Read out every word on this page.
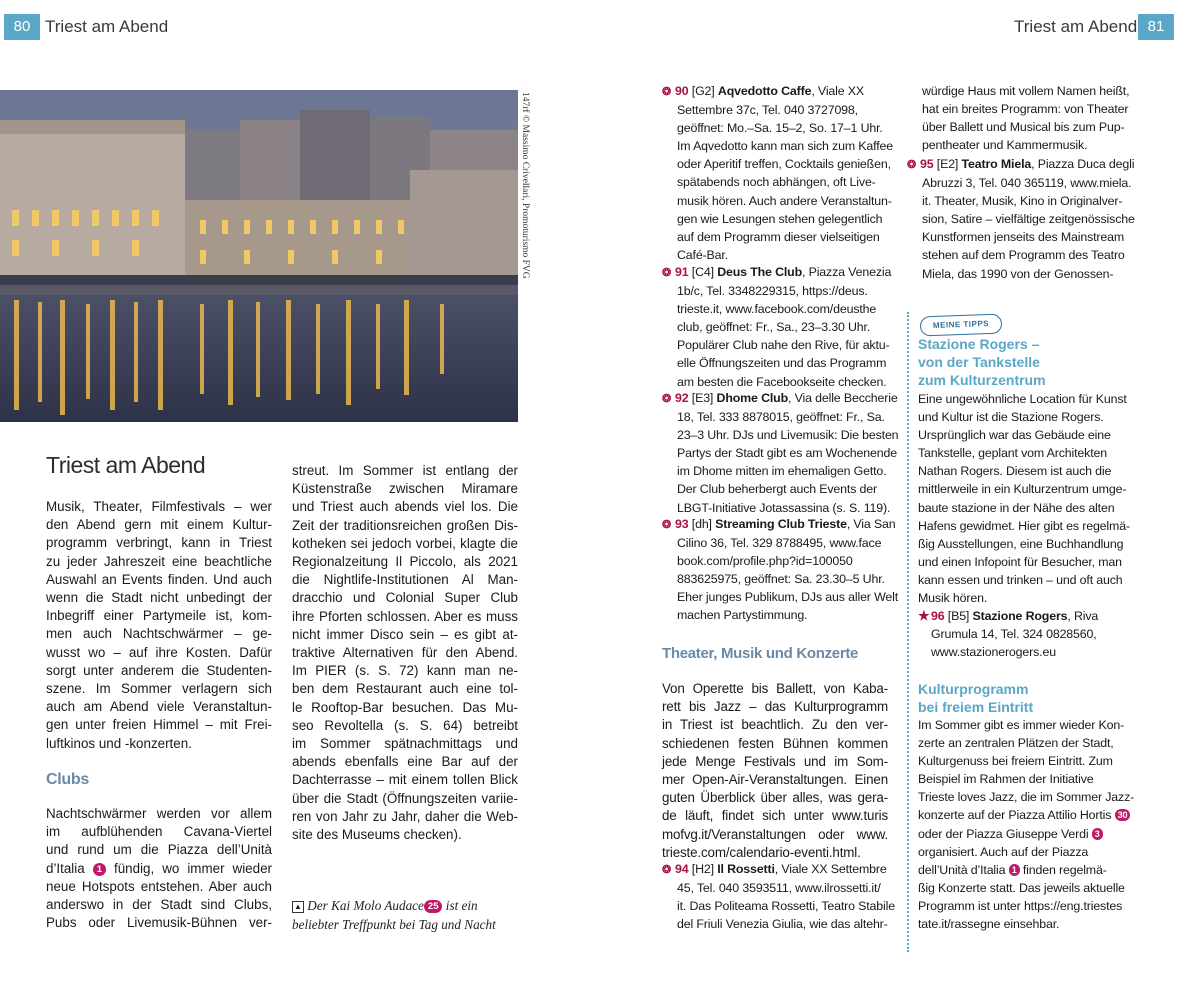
80 Triest am Abend	Triest am Abend 81
147rf © Massimo Crivellari, Promoturismo FVG
Triest am Abend
Musik, Theater, Filmfestivals – wer
den Abend gern mit einem Kultur-
programm verbringt, kann in Triest
zu jeder Jahreszeit eine beachtliche
Auswahl an Events finden. Und auch
wenn die Stadt nicht unbedingt der
Inbegriff einer Partymeile ist, kom-
men auch Nachtschwärmer – ge-
wusst wo – auf ihre Kosten. Dafür
sorgt unter anderem die Studenten-
szene. Im Sommer verlagern sich
auch am Abend viele Veranstaltun-
gen unter freien Himmel – mit Frei-
luftkinos und -konzerten.
Clubs
Nachtschwärmer werden vor allem
im aufblühenden Cavana-Viertel
und rund um die Piazza dell’Unità
d’Italia 1 fündig, wo immer wieder
neue Hotspots entstehen. Aber auch
anderswo in der Stadt sind Clubs,
Pubs oder Livemusik-Bühnen ver-
streut. Im Sommer ist entlang der
Küstenstraße zwischen Miramare
und Triest auch abends viel los. Die
Zeit der traditionsreichen großen Dis-
kotheken sei jedoch vorbei, klagte die
Regionalzeitung Il Piccolo, als 2021
die Nightlife-Institutionen Al Man-
dracchio und Colonial Super Club
ihre Pforten schlossen. Aber es muss
nicht immer Disco sein – es gibt at-
traktive Alternativen für den Abend.
Im PIER (s. S. 72) kann man ne-
ben dem Restaurant auch eine tol-
le Rooftop-Bar besuchen. Das Mu-
seo Revoltella (s. S. 64) betreibt
im Sommer spätnachmittags und
abends ebenfalls eine Bar auf der
Dachterrasse – mit einem tollen Blick
über die Stadt (Öffnungszeiten variie-
ren von Jahr zu Jahr, daher die Web-
site des Museums checken).
▲ Der Kai Molo Audace 25 ist ein
beliebter Treffpunkt bei Tag und Nacht
❂ 90 [G2] Aqvedotto Caffe, Viale XX
Settembre 37c, Tel. 040 3727098,
geöffnet: Mo.–Sa. 15–2, So. 17–1 Uhr.
Im Aqvedotto kann man sich zum Kaffee
oder Aperitif treffen, Cocktails genießen,
spätabends noch abhängen, oft Live-
musik hören. Auch andere Veranstaltun-
gen wie Lesungen stehen gelegentlich
auf dem Programm dieser vielseitigen
Café-Bar.
❂ 91 [C4] Deus The Club, Piazza Venezia
1b/c, Tel. 3348229315, https://deus.
trieste.it, www.facebook.com/deusthe
club, geöffnet: Fr., Sa., 23–3.30 Uhr.
Populärer Club nahe den Rive, für aktu-
elle Öffnungszeiten und das Programm
am besten die Facebookseite checken.
❂ 92 [E3] Dhome Club, Via delle Beccherie
18, Tel. 333 8878015, geöffnet: Fr., Sa.
23–3 Uhr. DJs und Livemusik: Die besten
Partys der Stadt gibt es am Wochenende
im Dhome mitten im ehemaligen Getto.
Der Club beherbergt auch Events der
LBGT-Initiative Jotassassina (s. S. 119).
❂ 93 [dh] Streaming Club Trieste, Via San
Cilino 36, Tel. 329 8788495, www.face
book.com/profile.php?id=100050
883625975, geöffnet: Sa. 23.30–5 Uhr.
Eher junges Publikum, DJs aus aller Welt
machen Partystimmung.
Theater, Musik und Konzerte
Von Operette bis Ballett, von Kaba-
rett bis Jazz – das Kulturprogramm
in Triest ist beachtlich. Zu den ver-
schiedenen festen Bühnen kommen
jede Menge Festivals und im Som-
mer Open-Air-Veranstaltungen. Einen
guten Überblick über alles, was gera-
de läuft, findet sich unter www.turis
mofvg.it/Veranstaltungen oder www.
trieste.com/calendario-eventi.html.
❂ 94 [H2] Il Rossetti, Viale XX Settembre
45, Tel. 040 3593511, www.ilrossetti.it/
it. Das Politeama Rossetti, Teatro Stabile
del Friuli Venezia Giulia, wie das altehr-
würdige Haus mit vollem Namen heißt,
hat ein breites Programm: von Theater
über Ballett und Musical bis zum Pup-
pentheater und Kammermusik.
❂ 95 [E2] Teatro Miela, Piazza Duca degli
Abruzzi 3, Tel. 040 365119, www.miela.
it. Theater, Musik, Kino in Originalver-
sion, Satire – vielfältige zeitgenössische
Kunstformen jenseits des Mainstream
stehen auf dem Programm des Teatro
Miela, das 1990 von der Genossen-
MEINE TIPPS
Stazione Rogers –
von der Tankstelle
zum Kulturzentrum
Eine ungewöhnliche Location für Kunst
und Kultur ist die Stazione Rogers.
Ursprünglich war das Gebäude eine
Tankstelle, geplant vom Architekten
Nathan Rogers. Diesem ist auch die
mittlerweile in ein Kulturzentrum umge-
baute stazione in der Nähe des alten
Hafens gewidmet. Hier gibt es regelmä-
ßig Ausstellungen, eine Buchhandlung
und einen Infopoint für Besucher, man
kann essen und trinken – und oft auch
Musik hören.
★96 [B5] Stazione Rogers, Riva
Grumula 14, Tel. 324 0828560,
www.stazionerogers.eu
Kulturprogramm
bei freiem Eintritt
Im Sommer gibt es immer wieder Kon-
zerte an zentralen Plätzen der Stadt,
Kulturgenuss bei freiem Eintritt. Zum
Beispiel im Rahmen der Initiative
Trieste loves Jazz, die im Sommer Jazz-
konzerte auf der Piazza Attilio Hortis 30
oder der Piazza Giuseppe Verdi 3
organisiert. Auch auf der Piazza
dell’Unità d’Italia 1 finden regelmä-
ßig Konzerte statt. Das jeweils aktuelle
Programm ist unter https://eng.triestes
tate.it/rassegne einsehbar.
